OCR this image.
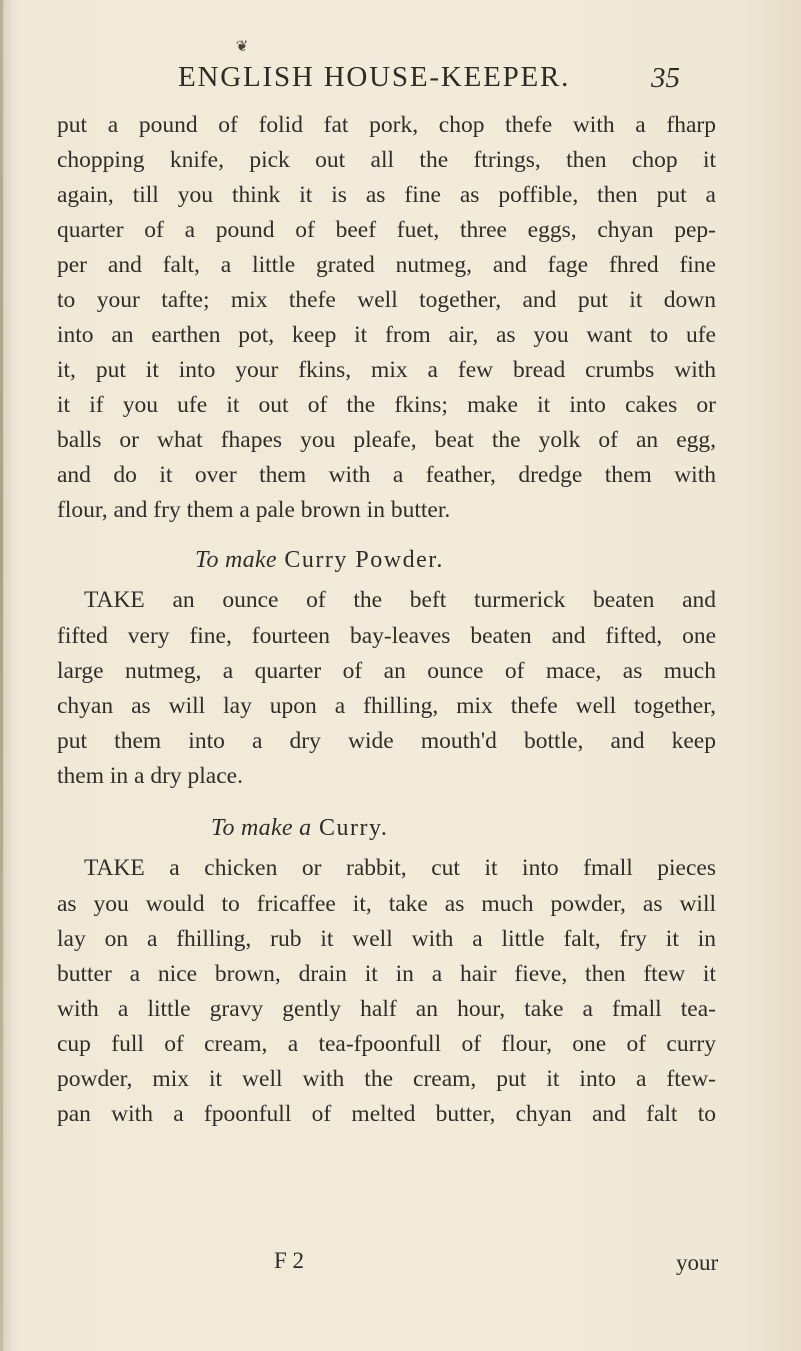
❦
ENGLISH HOUSE-KEEPER.	35
put a pound of folid fat pork, chop thefe with a fharp
chopping knife, pick out all the ftrings, then chop it
again, till you think it is as fine as poffible, then put a
quarter of a pound of beef fuet, three eggs, chyan pep-
per and falt, a little grated nutmeg, and fage fhred fine
to your tafte; mix thefe well together, and put it down
into an earthen pot, keep it from air, as you want to ufe
it, put it into your fkins, mix a few bread crumbs with
it if you ufe it out of the fkins; make it into cakes or
balls or what fhapes you pleafe, beat the yolk of an egg,
and do it over them with a feather, dredge them with
flour, and fry them a pale brown in butter.
To make Curry Powder.
TAKE an ounce of the beft turmerick beaten and
fifted very fine, fourteen bay-leaves beaten and fifted, one
large nutmeg, a quarter of an ounce of mace, as much
chyan as will lay upon a fhilling, mix thefe well together,
put them into a dry wide mouth'd bottle, and keep
them in a dry place.
To make a Curry.
TAKE a chicken or rabbit, cut it into fmall pieces
as you would to fricaffee it, take as much powder, as will
lay on a fhilling, rub it well with a little falt, fry it in
butter a nice brown, drain it in a hair fieve, then ftew it
with a little gravy gently half an hour, take a fmall tea-
cup full of cream, a tea-fpoonfull of flour, one of curry
powder, mix it well with the cream, put it into a ftew-
pan with a fpoonfull of melted butter, chyan and falt to
F 2	your
